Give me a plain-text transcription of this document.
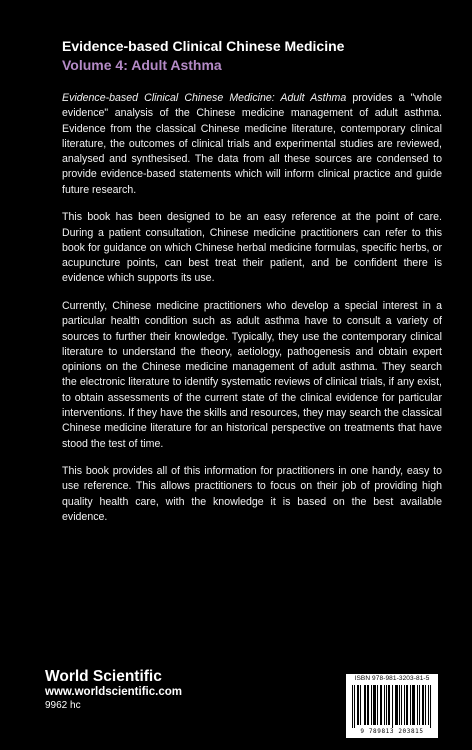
Evidence-based Clinical Chinese Medicine
Volume 4: Adult Asthma

Evidence-based Clinical Chinese Medicine: Adult Asthma provides a "whole evidence" analysis of the Chinese medicine management of adult asthma. Evidence from the classical Chinese medicine literature, contemporary clinical literature, the outcomes of clinical trials and experimental studies are reviewed, analysed and synthesised. The data from all these sources are condensed to provide evidence-based statements which will inform clinical practice and guide future research.

This book has been designed to be an easy reference at the point of care. During a patient consultation, Chinese medicine practitioners can refer to this book for guidance on which Chinese herbal medicine formulas, specific herbs, or acupuncture points, can best treat their patient, and be confident there is evidence which supports its use.

Currently, Chinese medicine practitioners who develop a special interest in a particular health condition such as adult asthma have to consult a variety of sources to further their knowledge. Typically, they use the contemporary clinical literature to understand the theory, aetiology, pathogenesis and obtain expert opinions on the Chinese medicine management of adult asthma. They search the electronic literature to identify systematic reviews of clinical trials, if any exist, to obtain assessments of the current state of the clinical evidence for particular interventions. If they have the skills and resources, they may search the classical Chinese medicine literature for an historical perspective on treatments that have stood the test of time.

This book provides all of this information for practitioners in one handy, easy to use reference. This allows practitioners to focus on their job of providing high quality health care, with the knowledge it is based on the best available evidence.

World Scientific
www.worldscientific.com
9962 hc
ISBN 978-981-3203-81-5
9 789813 203815
